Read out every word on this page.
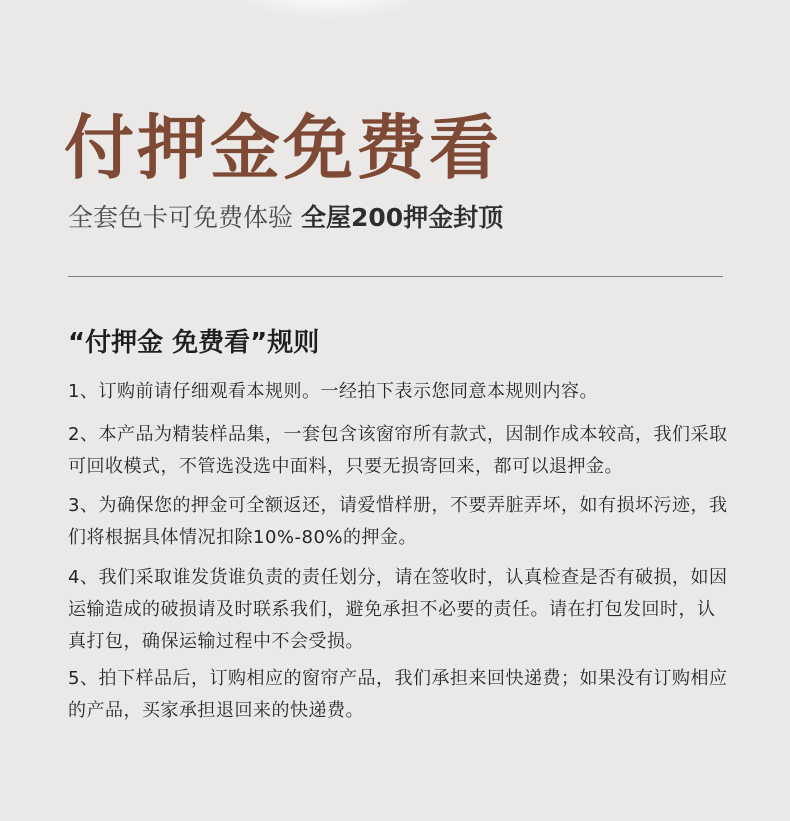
付押金免费看
全套色卡可免费体验 全屋200押金封顶
“付押金 免费看”规则

1、订购前请仔细观看本规则。一经拍下表示您同意本规则内容。

2、本产品为精装样品集，一套包含该窗帘所有款式，因制作成本较高，我们采取可回收模式，不管选没选中面料，只要无损寄回来，都可以退押金。

3、为确保您的押金可全额返还，请爱惜样册，不要弄脏弄坏，如有损坏污迹，我们将根据具体情况扣除10%-80%的押金。

4、我们采取谁发货谁负责的责任划分，请在签收时，认真检查是否有破损，如因运输造成的破损请及时联系我们，避免承担不必要的责任。请在打包发回时，认真打包，确保运输过程中不会受损。

5、拍下样品后，订购相应的窗帘产品，我们承担来回快递费；如果没有订购相应的产品，买家承担退回来的快递费。
